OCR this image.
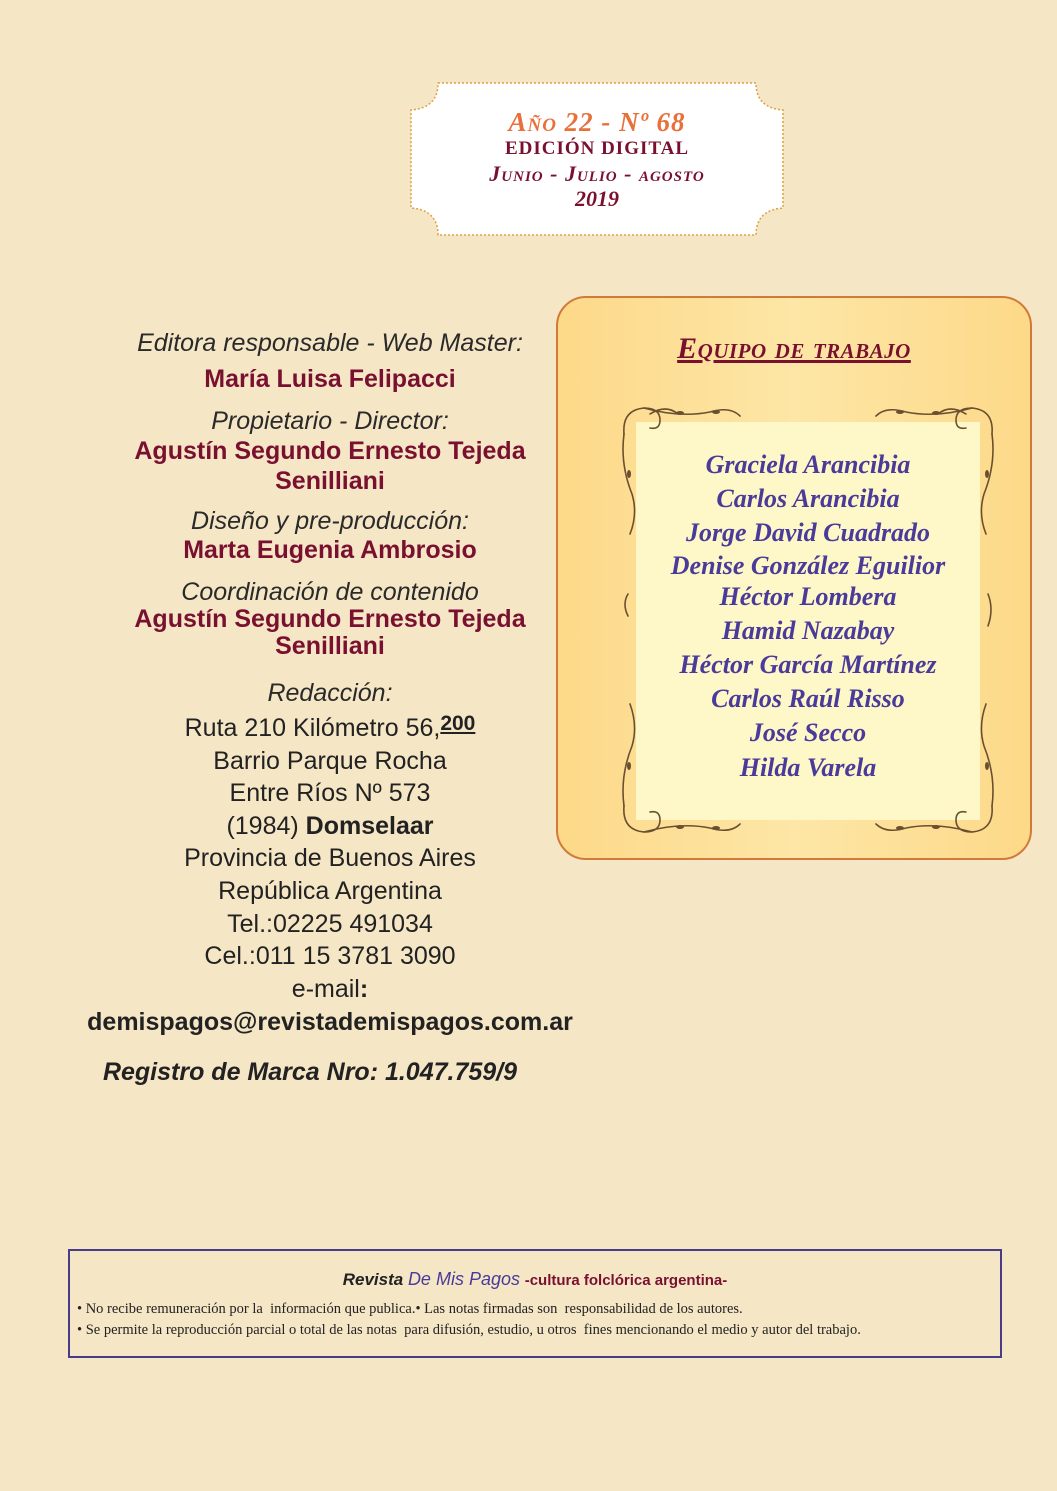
Año 22 - Nº 68
EDICIÓN DIGITAL
Junio - Julio - agosto
2019
Editora responsable - Web Master:
María Luisa Felipacci
Propietario - Director:
Agustín Segundo Ernesto Tejeda
Senilliani
Diseño y pre-producción:
Marta Eugenia Ambrosio
Coordinación de contenido
Agustín Segundo Ernesto Tejeda
Senilliani
Redacción:
Ruta 210 Kilómetro 56,$^{200}$
Barrio Parque Rocha
Entre Ríos Nº 573
(1984) Domselaar
Provincia de Buenos Aires
República Argentina
Tel.:02225 491034
Cel.:011 15 3781 3090
e-mail:
demispagos@revistademispagos.com.ar
Registro de Marca Nro: 1.047.759/9
Equipo de trabajo
Graciela Arancibia
Carlos Arancibia
Jorge David Cuadrado
Denise González Eguilior
Héctor Lombera
Hamid Nazabay
Héctor García Martínez
Carlos Raúl Risso
José Secco
Hilda Varela
Revista De Mis Pagos -cultura folclórica argentina-
• No recibe remuneración por la  información que publica.• Las notas firmadas son  responsabilidad de los autores.
• Se permite la reproducción parcial o total de las notas  para difusión, estudio, u otros  fines mencionando el medio y autor del trabajo.
